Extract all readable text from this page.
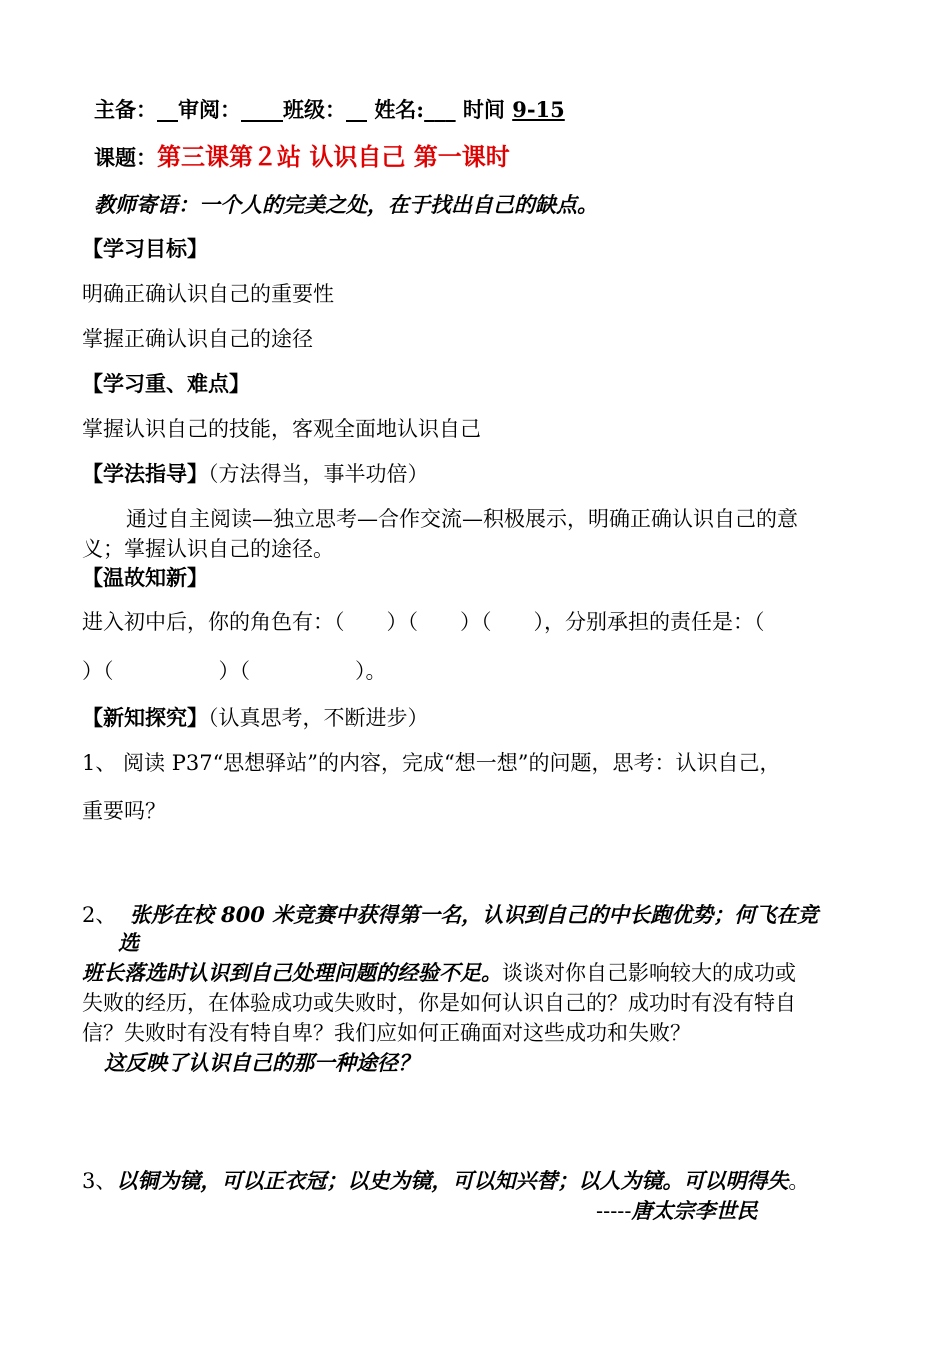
主备：__审阅：____班级：__ 姓名:___ 时间 9-15
课题：第三课第２站 认识自己 第一课时
教师寄语：一个人的完美之处，在于找出自己的缺点。
【学习目标】
明确正确认识自己的重要性
掌握正确认识自己的途径
【学习重、难点】
掌握认识自己的技能，客观全面地认识自己
【学法指导】（方法得当，事半功倍）
通过自主阅读—独立思考—合作交流—积极展示，明确正确认识自己的意
义；掌握认识自己的途径。
【温故知新】
进入初中后，你的角色有：（　　）（　　）（　　），分别承担的责任是：（
）（　　　　　）（　　　　　）。
【新知探究】（认真思考，不断进步）
1、 阅读 P37“思想驿站”的内容，完成“想一想”的问题，思考：认识自己，
重要吗？
2、 张彤在校 800 米竞赛中获得第一名，认识到自己的中长跑优势；何飞在竞
选
班长落选时认识到自己处理问题的经验不足。谈谈对你自己影响较大的成功或
失败的经历，在体验成功或失败时，你是如何认识自己的？成功时有没有特自
信？失败时有没有特自卑？我们应如何正确面对这些成功和失败？
这反映了认识自己的那一种途径？
3、以铜为镜，可以正衣冠；以史为镜，可以知兴替；以人为镜。可以明得失。
-----唐太宗李世民
